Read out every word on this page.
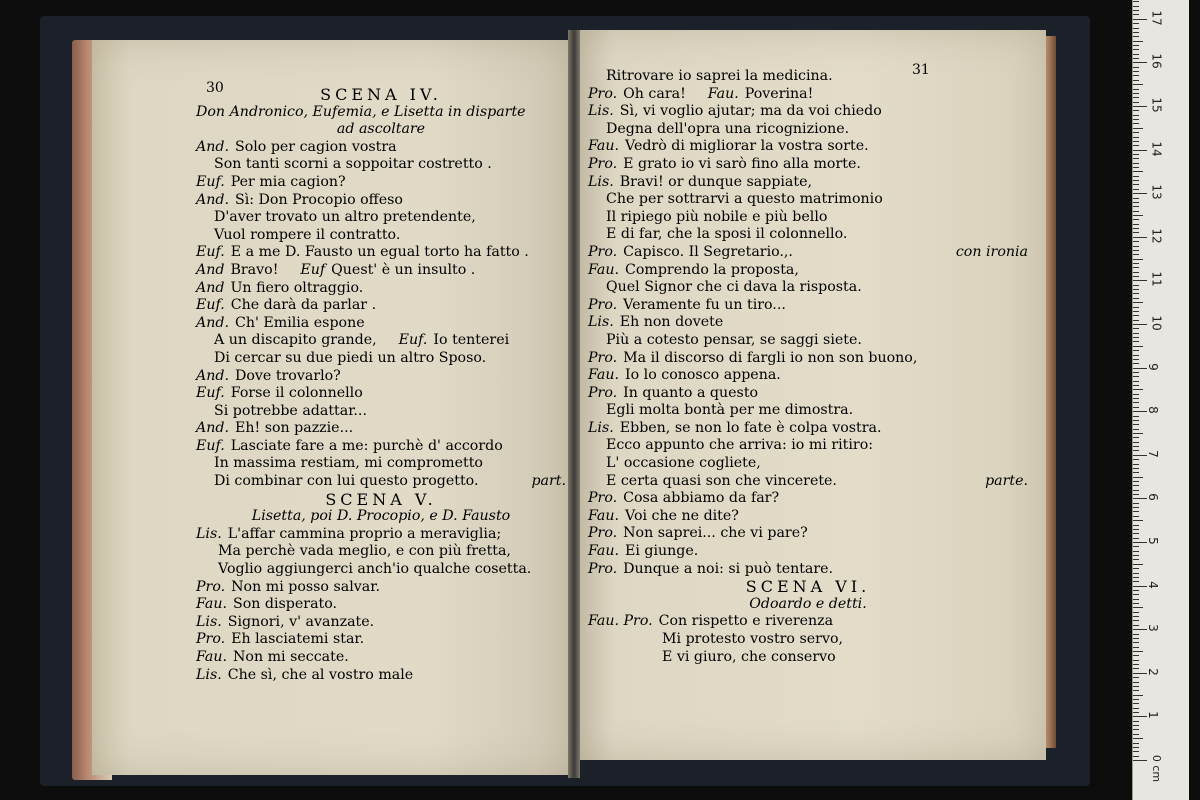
30
31
SCENA IV.
Don Andronico, Eufemia, e Lisetta in disparte
ad ascoltare
And. Solo per cagion vostra
Son tanti scorni a soppoitar costretto .
Euf. Per mia cagion?
And. Sì: Don Procopio offeso
D'aver trovato un altro pretendente,
Vuol rompere il contratto.
Euf. E a me D. Fausto un egual torto ha fatto .
And Bravo! Euf Quest' è un insulto .
And Un fiero oltraggio.
Euf. Che darà da parlar .
And. Ch' Emilia espone
A un discapito grande, Euf. Io tenterei
Di cercar su due piedi un altro Sposo.
And. Dove trovarlo?
Euf. Forse il colonnello
Si potrebbe adattar...
And. Eh! son pazzie...
Euf. Lasciate fare a me: purchè d' accordo
In massima restiam, mi comprometto
Di combinar con lui questo progetto.	part.
SCENA V.
Lisetta, poi D. Procopio, e D. Fausto
Lis. L'affar cammina proprio a meraviglia;
Ma perchè vada meglio, e con più fretta,
Voglio aggiungerci anch'io qualche cosetta.
Pro. Non mi posso salvar.
Fau. Son disperato.
Lis. Signori, v' avanzate.
Pro. Eh lasciatemi star.
Fau. Non mi seccate.
Lis. Che sì, che al vostro male
Ritrovare io saprei la medicina.
Pro. Oh cara! Fau. Poverina!
Lis. Sì, vi voglio ajutar; ma da voi chiedo
Degna dell'opra una ricognizione.
Fau. Vedrò di migliorar la vostra sorte.
Pro. E grato io vi sarò fino alla morte.
Lis. Bravi! or dunque sappiate,
Che per sottrarvi a questo matrimonio
Il ripiego più nobile e più bello
E di far, che la sposi il colonnello.
Pro. Capisco. Il Segretario.,.	con ironia
Fau. Comprendo la proposta,
Quel Signor che ci dava la risposta.
Pro. Veramente fu un tiro...
Lis. Eh non dovete
Più a cotesto pensar, se saggi siete.
Pro. Ma il discorso di fargli io non son buono,
Fau. Io lo conosco appena.
Pro. In quanto a questo
Egli molta bontà per me dimostra.
Lis. Ebben, se non lo fate è colpa vostra.
Ecco appunto che arriva: io mi ritiro:
L' occasione cogliete,
E certa quasi son che vincerete.	parte.
Pro. Cosa abbiamo da far?
Fau. Voi che ne dite?
Pro. Non saprei... che vi pare?
Fau. Ei giunge.
Pro. Dunque a noi: si può tentare.
SCENA VI.
Odoardo e detti.
Fau. Pro. Con rispetto e riverenza
Mi protesto vostro servo,
E vi giuro, che conservo
0 cm
1
2
3
4
5
6
7
8
9
10
11
12
13
14
15
16
17
